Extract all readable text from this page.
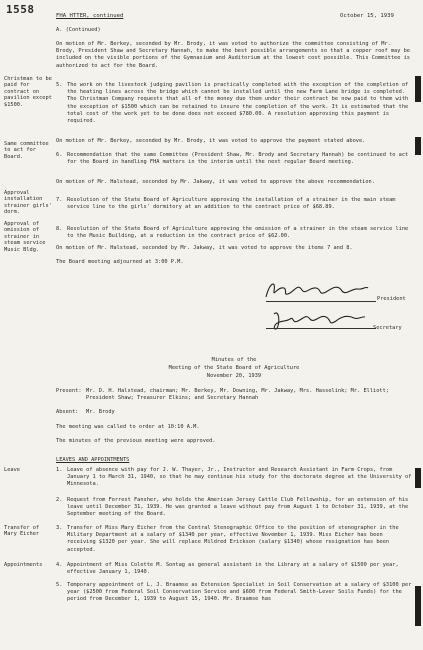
1558	FHA HTTER, continued	October 15, 1939
A. (Continued)
On motion of Mr. Berkey, seconded by Mr. Brody, it was voted to authorize the committee consisting of Mr. Brody, President Shaw and Secretary Hannah, to make the best possible arrangements so that a copper roof may be included on the visible portions of the Gymnasium and Auditorium at the lowest cost possible. This Committee is authorized to act for the Board.
Christman to be paid for contract on pavilion except $1500.
5. The work on the livestock judging pavilion is practically completed with the exception of the completion of the heating lines across the bridge which cannot be installed until the new Farm Lane bridge is completed. The Christman Company requests that all of the money due them under their contract be now paid to them with the exception of $1500 which can be retained to insure the completion of the work. It is estimated that the total cost of the work yet to be done does not exceed $780.00. A resolution approving this payment is required.
Same committee to act for Board.
On motion of Mr. Berkey, seconded by Mr. Brody, it was voted to approve the payment stated above.
6. Recommendation that the same Committee (President Shaw, Mr. Brody and Secretary Hannah) be continued to act for the Board in handling FHA matters in the interim until the next regular Board meeting.
On motion of Mr. Halstead, seconded by Mr. Jakway, it was voted to approve the above recommendation.
Approval installation strainer girls' dorm.
7. Resolution of the State Board of Agriculture approving the installation of a strainer in the main steam service line to the girls' dormitory at an addition to the contract price of $68.89.
Approval of omission of strainer in steam service Music Bldg.
8. Resolution of the State Board of Agriculture approving the omission of a strainer in the steam service line to the Music Building, at a reduction in the contract price of $62.00.
On motion of Mr. Halstead, seconded by Mr. Jakway, it was voted to approve the items 7 and 8.
The Board meeting adjourned at 3:00 P.M.
President
Secretary
Minutes of the
Meeting of the State Board of Agriculture
November 20, 1939
Present: Mr. D. H. Halstead, chairman; Mr. Berkey, Mr. Downing, Mr. Jakway, Mrs. Hasselink; Mr. Elliott; President Shaw; Treasurer Elkins; and Secretary Hannah
Absent: Mr. Brody
The meeting was called to order at 10:10 A.M.
The minutes of the previous meeting were approved.
LEAVES AND APPOINTMENTS
Leave	1. Leave of absence with pay for J. W. Thayer, Jr., Instructor and Research Assistant in Farm Crops, from January 1 to March 31, 1940, so that he may continue his study for the doctorate degree at the University of Minnesota.
2. Request from Forrest Fansher, who holds the American Jersey Cattle Club Fellowship, for an extension of his leave until December 31, 1939. He was granted a leave without pay from August 1 to October 31, 1939, at the September meeting of the Board.
Transfer of Mary Eicher
3. Transfer of Miss Mary Eicher from the Central Stenographic Office to the position of stenographer in the Military Department at a salary of $1340 per year, effective November 1, 1939. Miss Eicher has been receiving $1320 per year. She will replace Mildred Erickson (salary $1340) whose resignation has been accepted.
Appointments	4. Appointment of Miss Colette M. Sontag as general assistant in the Library at a salary of $1500 per year, effective January 1, 1940.
5. Temporary appointment of L. J. Braamse as Extension Specialist in Soil Conservation at a salary of $3100 per year ($2500 from Federal Soil Conservation Service and $600 from Federal Smith-Lever Soils Funds) for the period from December 1, 1939 to August 15, 1940. Mr. Braamse has
